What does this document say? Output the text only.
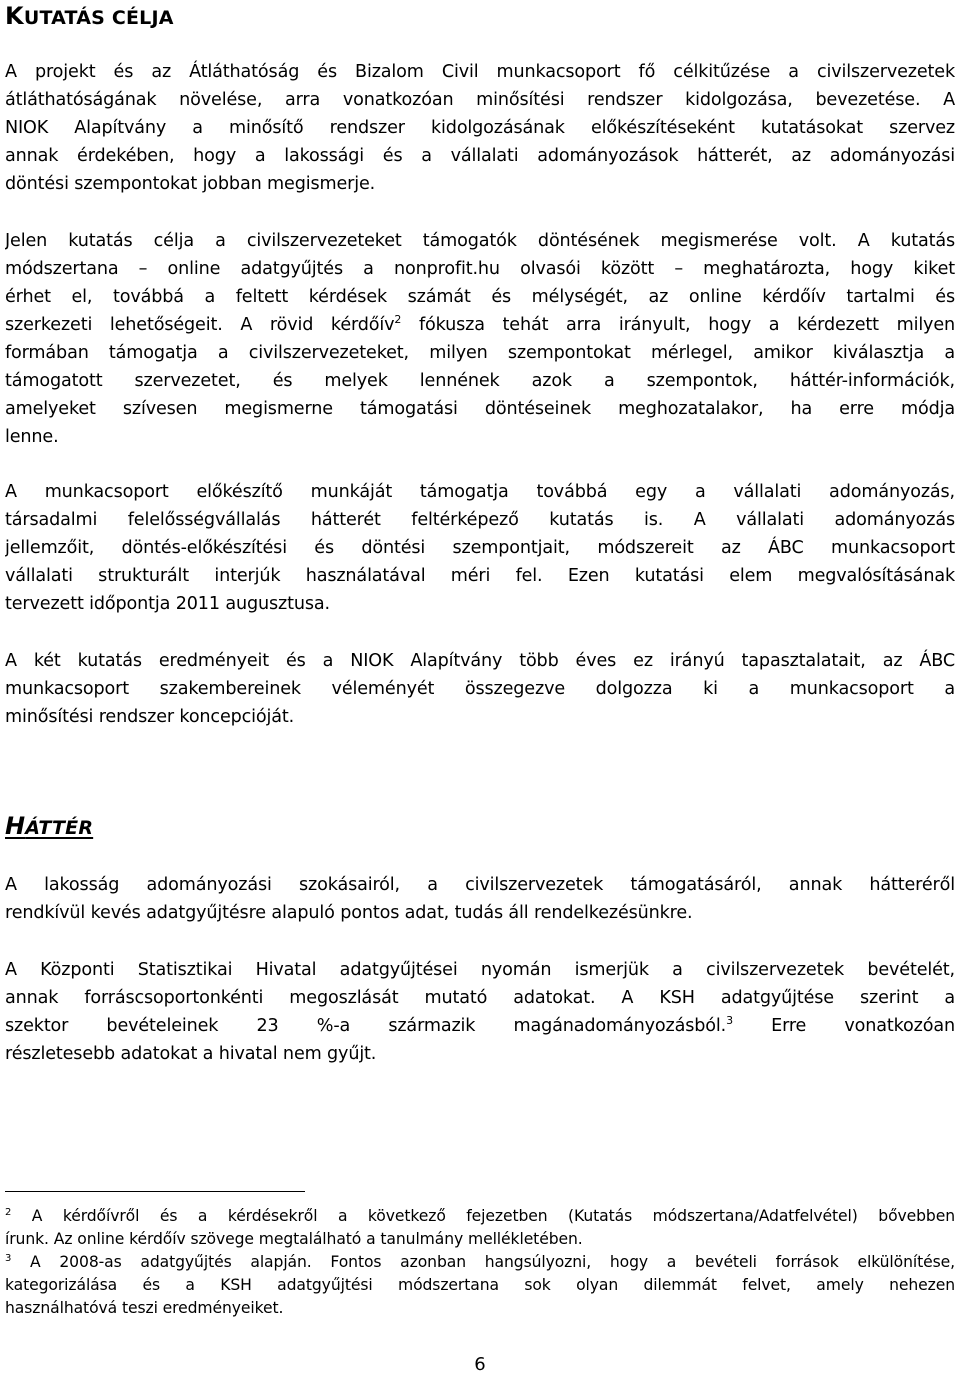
KUTATÁS CÉLJA
A projekt és az Átláthatóság és Bizalom Civil munkacsoport fő célkitűzése a civilszervezetek
átláthatóságának növelése, arra vonatkozóan minősítési rendszer kidolgozása, bevezetése. A
NIOK Alapítvány a minősítő rendszer kidolgozásának előkészítéseként kutatásokat szervez
annak érdekében, hogy a lakossági és a vállalati adományozások hátterét, az adományozási
döntési szempontokat jobban megismerje.
Jelen kutatás célja a civilszervezeteket támogatók döntésének megismerése volt. A kutatás
módszertana – online adatgyűjtés a nonprofit.hu olvasói között – meghatározta, hogy kiket
érhet el, továbbá a feltett kérdések számát és mélységét, az online kérdőív tartalmi és
szerkezeti lehetőségeit. A rövid kérdőív$^2$ fókusza tehát arra irányult, hogy a kérdezett milyen
formában támogatja a civilszervezeteket, milyen szempontokat mérlegel, amikor kiválasztja a
támogatott szervezetet, és melyek lennének azok a szempontok, háttér-információk,
amelyeket szívesen megismerne támogatási döntéseinek meghozatalakor, ha erre módja
lenne.
A munkacsoport előkészítő munkáját támogatja továbbá egy a vállalati adományozás,
társadalmi felelősségvállalás hátterét feltérképező kutatás is. A vállalati adományozás
jellemzőit, döntés-előkészítési és döntési szempontjait, módszereit az ÁBC munkacsoport
vállalati strukturált interjúk használatával méri fel. Ezen kutatási elem megvalósításának
tervezett időpontja 2011 augusztusa.
A két kutatás eredményeit és a NIOK Alapítvány több éves ez irányú tapasztalatait, az ÁBC
munkacsoport szakembereinek véleményét összegezve dolgozza ki a munkacsoport a
minősítési rendszer koncepcióját.
HÁTTÉR
A lakosság adományozási szokásairól, a civilszervezetek támogatásáról, annak hátteréről
rendkívül kevés adatgyűjtésre alapuló pontos adat, tudás áll rendelkezésünkre.
A Központi Statisztikai Hivatal adatgyűjtései nyomán ismerjük a civilszervezetek bevételét,
annak forráscsoportonkénti megoszlását mutató adatokat. A KSH adatgyűjtése szerint a
szektor bevételeinek 23 %-a származik magánadományozásból.$^3$ Erre vonatkozóan
részletesebb adatokat a hivatal nem gyűjt.
$^2$ A kérdőívről és a kérdésekről a következő fejezetben (Kutatás módszertana/Adatfelvétel) bővebben
írunk. Az online kérdőív szövege megtalálható a tanulmány mellékletében.
$^3$ A 2008-as adatgyűjtés alapján. Fontos azonban hangsúlyozni, hogy a bevételi források elkülönítése,
kategorizálása és a KSH adatgyűjtési módszertana sok olyan dilemmát felvet, amely nehezen
használhatóvá teszi eredményeiket.
6
